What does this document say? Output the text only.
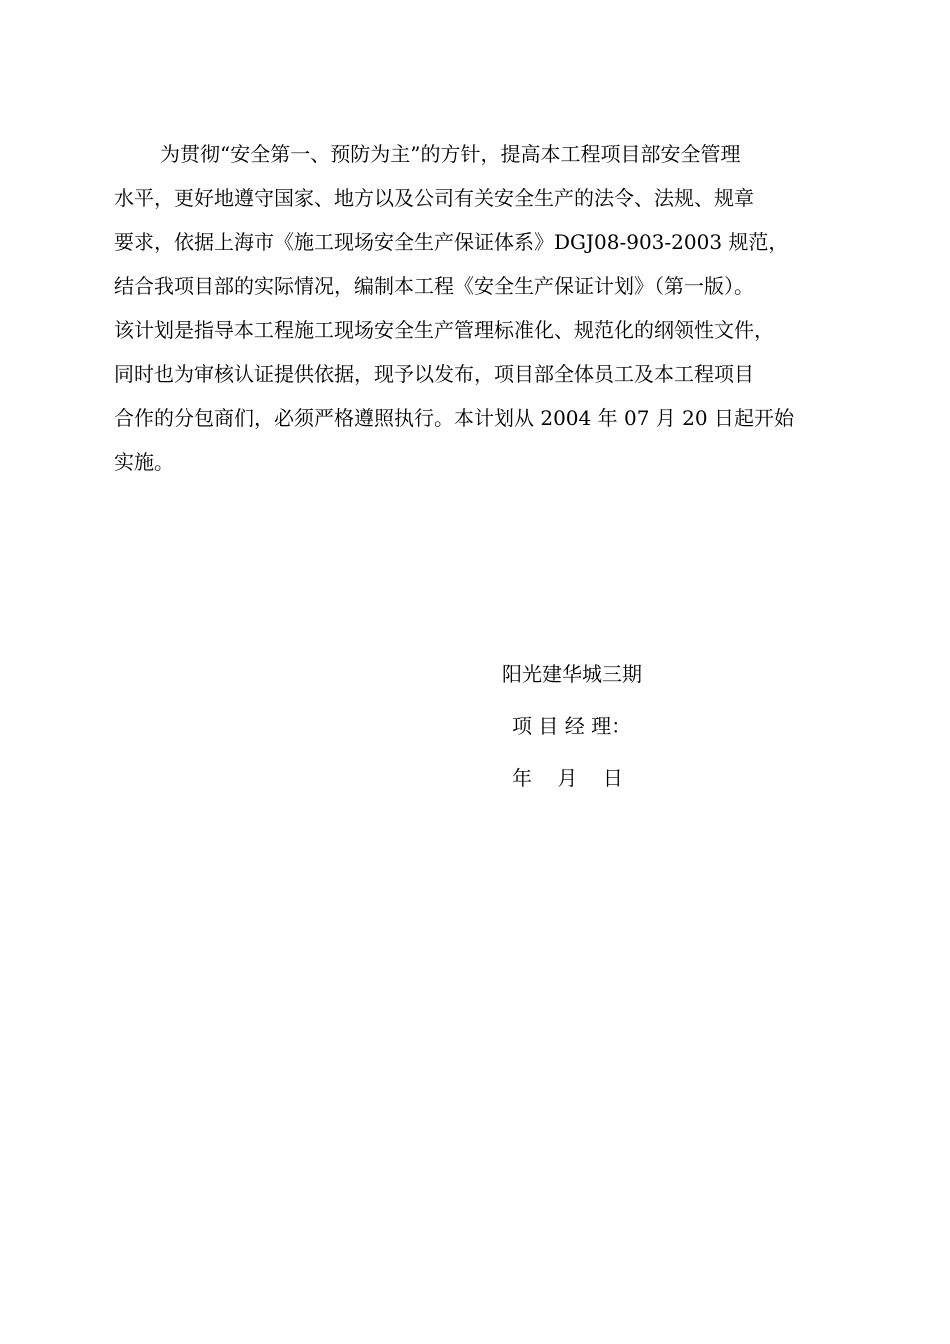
为贯彻“安全第一、预防为主”的方针，提高本工程项目部安全管理
水平，更好地遵守国家、地方以及公司有关安全生产的法令、法规、规章
要求，依据上海市《施工现场安全生产保证体系》DGJ08-903-2003 规范，
结合我项目部的实际情况，编制本工程《安全生产保证计划》（第一版）。
该计划是指导本工程施工现场安全生产管理标准化、规范化的纲领性文件，
同时也为审核认证提供依据，现予以发布，项目部全体员工及本工程项目
合作的分包商们，必须严格遵照执行。本计划从 2004 年 07 月 20 日起开始
实施。
阳光建华城三期
项 目 经 理：
年    月    日
